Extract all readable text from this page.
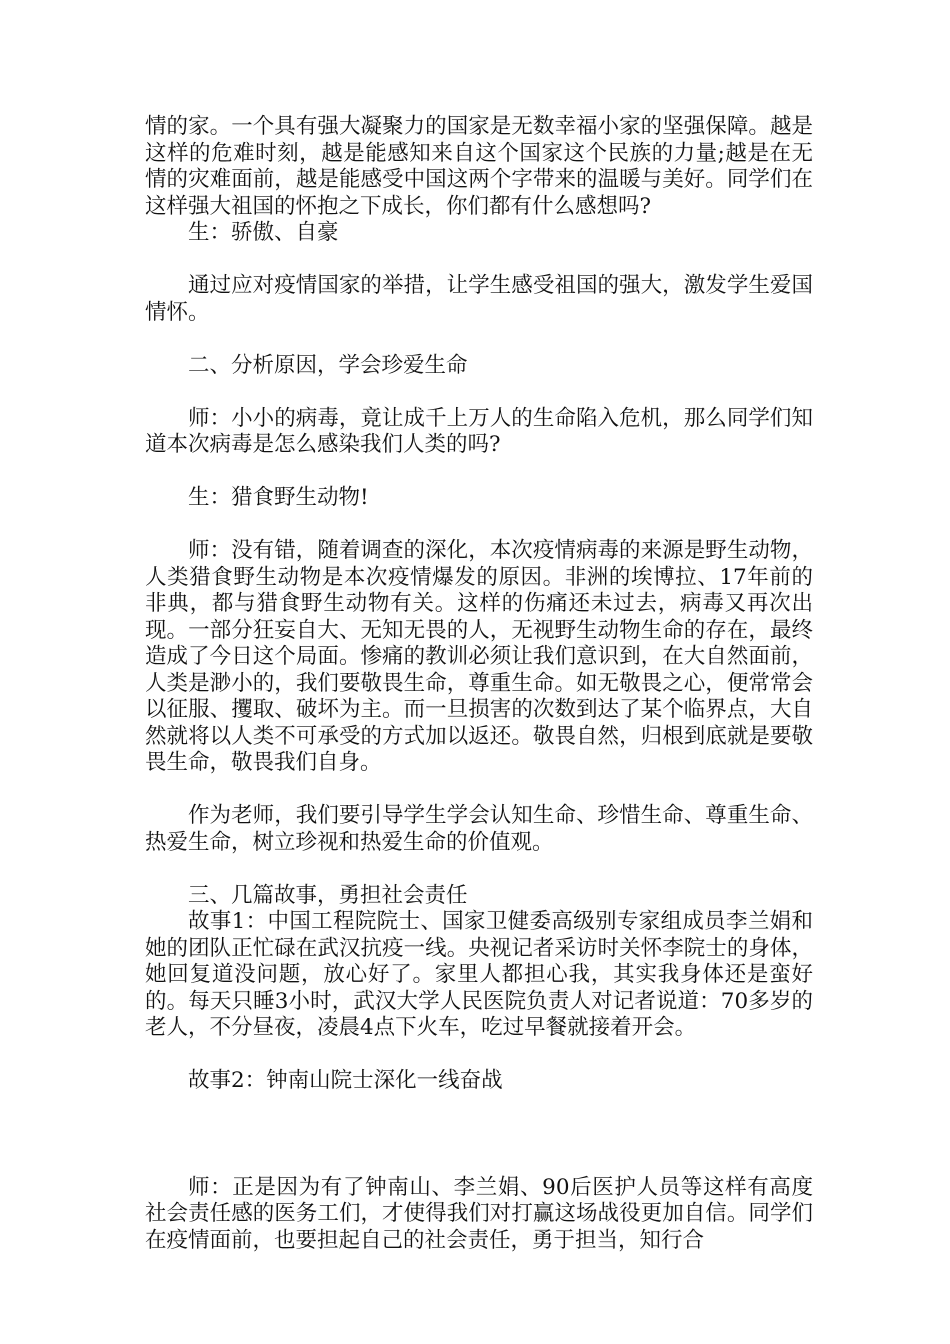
情的家。一个具有强大凝聚力的国家是无数幸福小家的坚强保障。越是这样的危难时刻，越是能感知来自这个国家这个民族的力量;越是在无情的灾难面前，越是能感受中国这两个字带来的温暖与美好。同学们在这样强大祖国的怀抱之下成长，你们都有什么感想吗?

生：骄傲、自豪

通过应对疫情国家的举措，让学生感受祖国的强大，激发学生爱国情怀。

二、分析原因，学会珍爱生命

师：小小的病毒，竟让成千上万人的生命陷入危机，那么同学们知道本次病毒是怎么感染我们人类的吗?

生：猎食野生动物!

师：没有错，随着调查的深化，本次疫情病毒的来源是野生动物，人类猎食野生动物是本次疫情爆发的原因。非洲的埃博拉、17年前的非典，都与猎食野生动物有关。这样的伤痛还未过去，病毒又再次出现。一部分狂妄自大、无知无畏的人，无视野生动物生命的存在，最终造成了今日这个局面。惨痛的教训必须让我们意识到，在大自然面前，人类是渺小的，我们要敬畏生命，尊重生命。如无敬畏之心，便常常会以征服、攫取、破坏为主。而一旦损害的次数到达了某个临界点，大自然就将以人类不可承受的方式加以返还。敬畏自然，归根到底就是要敬畏生命，敬畏我们自身。

作为老师，我们要引导学生学会认知生命、珍惜生命、尊重生命、热爱生命，树立珍视和热爱生命的价值观。

三、几篇故事，勇担社会责任

故事1：中国工程院院士、国家卫健委高级别专家组成员李兰娟和她的团队正忙碌在武汉抗疫一线。央视记者采访时关怀李院士的身体，她回复道没问题，放心好了。家里人都担心我，其实我身体还是蛮好的。每天只睡3小时，武汉大学人民医院负责人对记者说道：70多岁的老人，不分昼夜，凌晨4点下火车，吃过早餐就接着开会。

故事2：钟南山院士深化一线奋战

师：正是因为有了钟南山、李兰娟、90后医护人员等这样有高度社会责任感的医务工们，才使得我们对打赢这场战役更加自信。同学们在疫情面前，也要担起自己的社会责任，勇于担当，知行合
